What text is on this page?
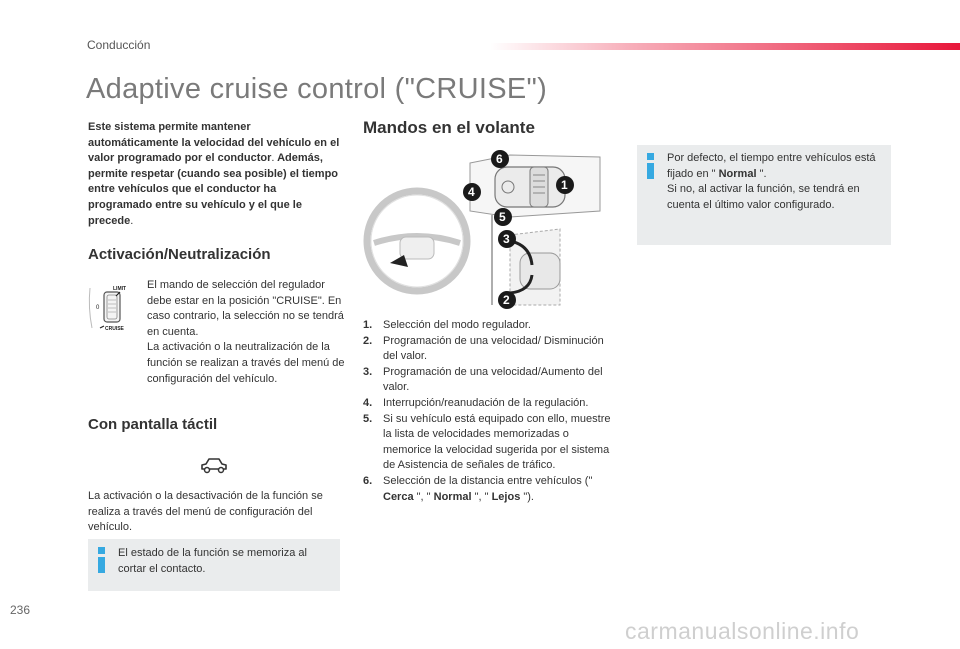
Conducción
Adaptive cruise control ("CRUISE")
Este sistema permite mantener automáticamente la velocidad del vehículo en el valor programado por el conductor. Además, permite respetar (cuando sea posible) el tiempo entre vehículos que el conductor ha programado entre su vehículo y el que le precede.
Activación/Neutralización
LIMIT
0
CRUISE
El mando de selección del regulador debe estar en la posición "CRUISE". En caso contrario, la selección no se tendrá en cuenta.
La activación o la neutralización de la función se realizan a través del menú de configuración del vehículo.
Con pantalla táctil
La activación o la desactivación de la función se realiza a través del menú de configuración del vehículo.
El estado de la función se memoriza al cortar el contacto.
Mandos en el volante
6
4
5
1
3
2
1. Selección del modo regulador.
2. Programación de una velocidad/ Disminución del valor.
3. Programación de una velocidad/Aumento del valor.
4. Interrupción/reanudación de la regulación.
5. Si su vehículo está equipado con ello, muestre la lista de velocidades memorizadas o memorice la velocidad sugerida por el sistema de Asistencia de señales de tráfico.
6. Selección de la distancia entre vehículos (" Cerca ", " Normal ", " Lejos ").
Por defecto, el tiempo entre vehículos está fijado en " Normal ".
Si no, al activar la función, se tendrá en cuenta el último valor configurado.
236
carmanualsonline.info
